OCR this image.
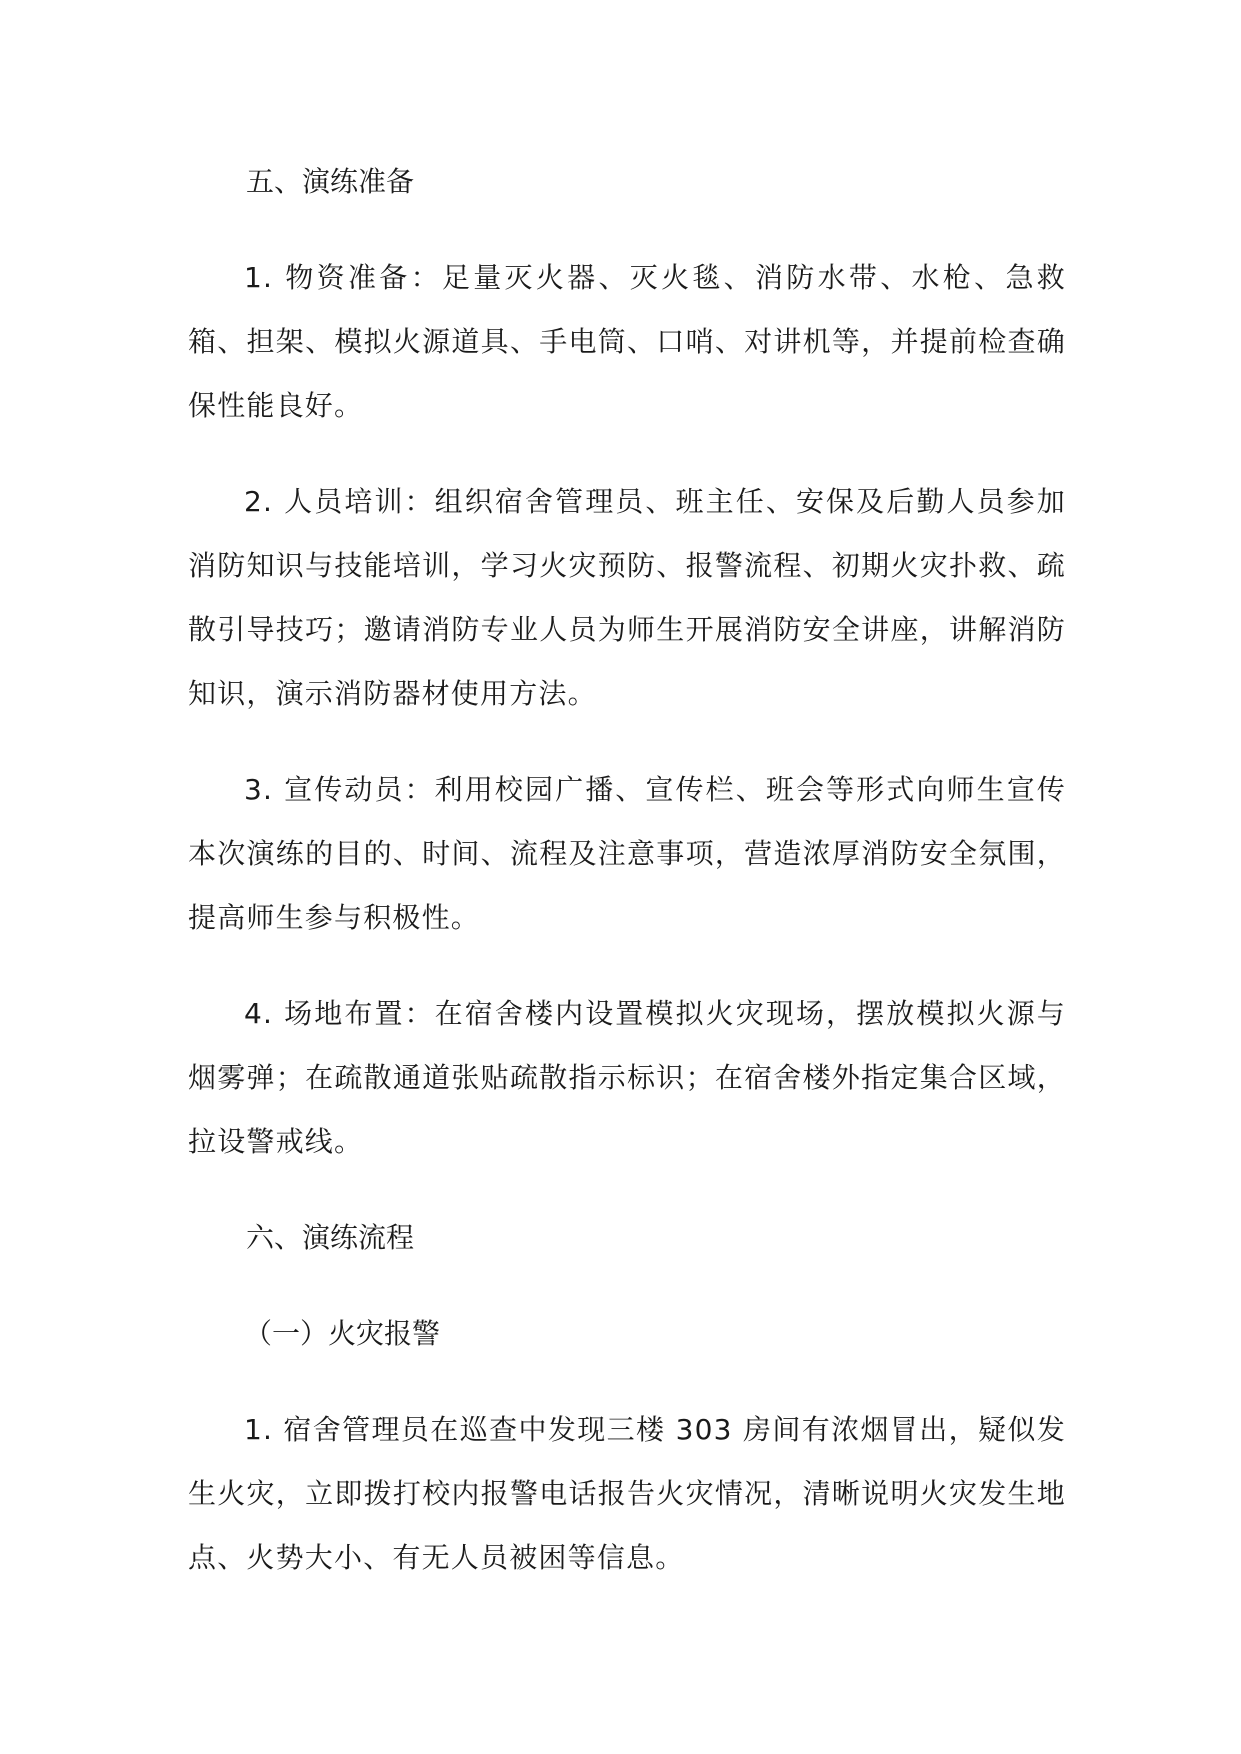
五、演练准备

1. 物资准备：足量灭火器、灭火毯、消防水带、水枪、急救箱、担架、模拟火源道具、手电筒、口哨、对讲机等，并提前检查确保性能良好。

2. 人员培训：组织宿舍管理员、班主任、安保及后勤人员参加消防知识与技能培训，学习火灾预防、报警流程、初期火灾扑救、疏散引导技巧；邀请消防专业人员为师生开展消防安全讲座，讲解消防知识，演示消防器材使用方法。

3. 宣传动员：利用校园广播、宣传栏、班会等形式向师生宣传本次演练的目的、时间、流程及注意事项，营造浓厚消防安全氛围，提高师生参与积极性。

4. 场地布置：在宿舍楼内设置模拟火灾现场，摆放模拟火源与烟雾弹；在疏散通道张贴疏散指示标识；在宿舍楼外指定集合区域，拉设警戒线。

六、演练流程
（一）火灾报警

1. 宿舍管理员在巡查中发现三楼 303 房间有浓烟冒出，疑似发生火灾，立即拨打校内报警电话报告火灾情况，清晰说明火灾发生地点、火势大小、有无人员被困等信息。
